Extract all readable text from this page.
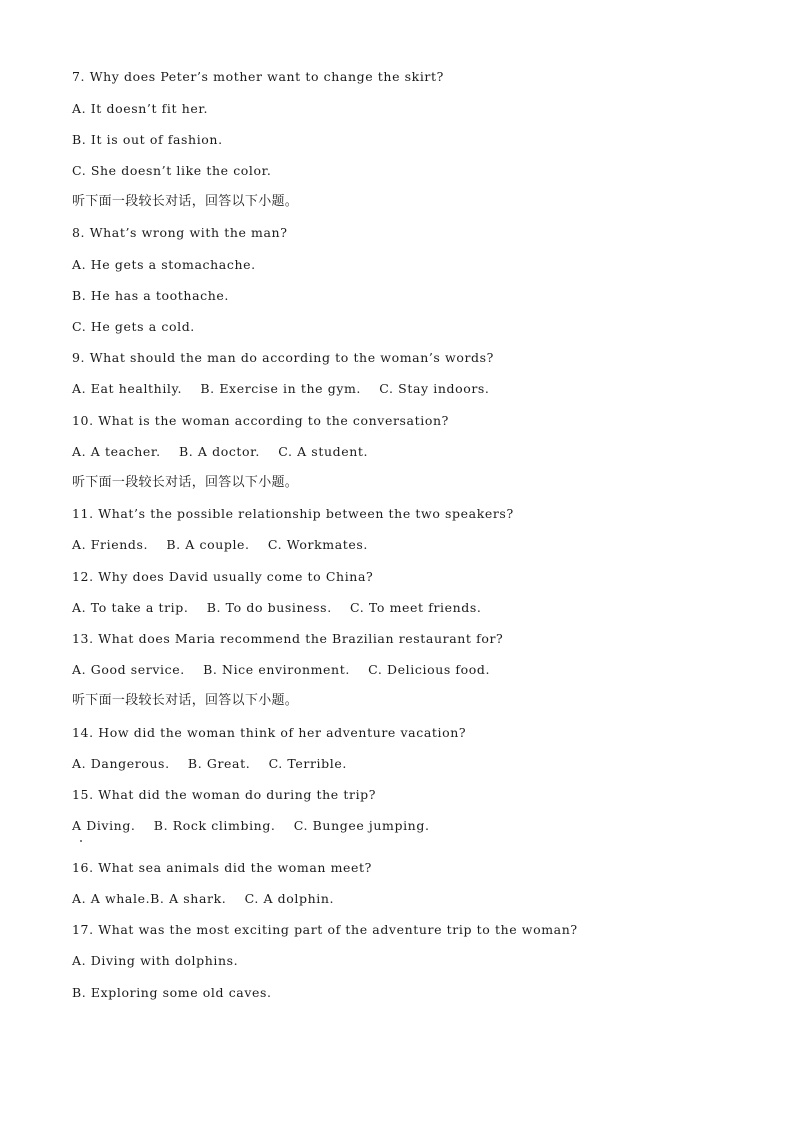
7. Why does Peter’s mother want to change the skirt?
A. It doesn’t fit her.
B. It is out of fashion.
C. She doesn’t like the color.
听下面一段较长对话，回答以下小题。
8. What’s wrong with the man?
A. He gets a stomachache.
B. He has a toothache.
C. He gets a cold.
9. What should the man do according to the woman’s words?
A. Eat healthily.    B. Exercise in the gym.    C. Stay indoors.
10. What is the woman according to the conversation?
A. A teacher.    B. A doctor.    C. A student.
听下面一段较长对话，回答以下小题。
11. What’s the possible relationship between the two speakers?
A. Friends.    B. A couple.    C. Workmates.
12. Why does David usually come to China?
A. To take a trip.    B. To do business.    C. To meet friends.
13. What does Maria recommend the Brazilian restaurant for?
A. Good service.    B. Nice environment.    C. Delicious food.
听下面一段较长对话，回答以下小题。
14. How did the woman think of her adventure vacation?
A. Dangerous.    B. Great.    C. Terrible.
15. What did the woman do during the trip?
A Diving.    B. Rock climbing.    C. Bungee jumping.
16. What sea animals did the woman meet?
A. A whale.B. A shark.    C. A dolphin.
17. What was the most exciting part of the adventure trip to the woman?
A. Diving with dolphins.
B. Exploring some old caves.
